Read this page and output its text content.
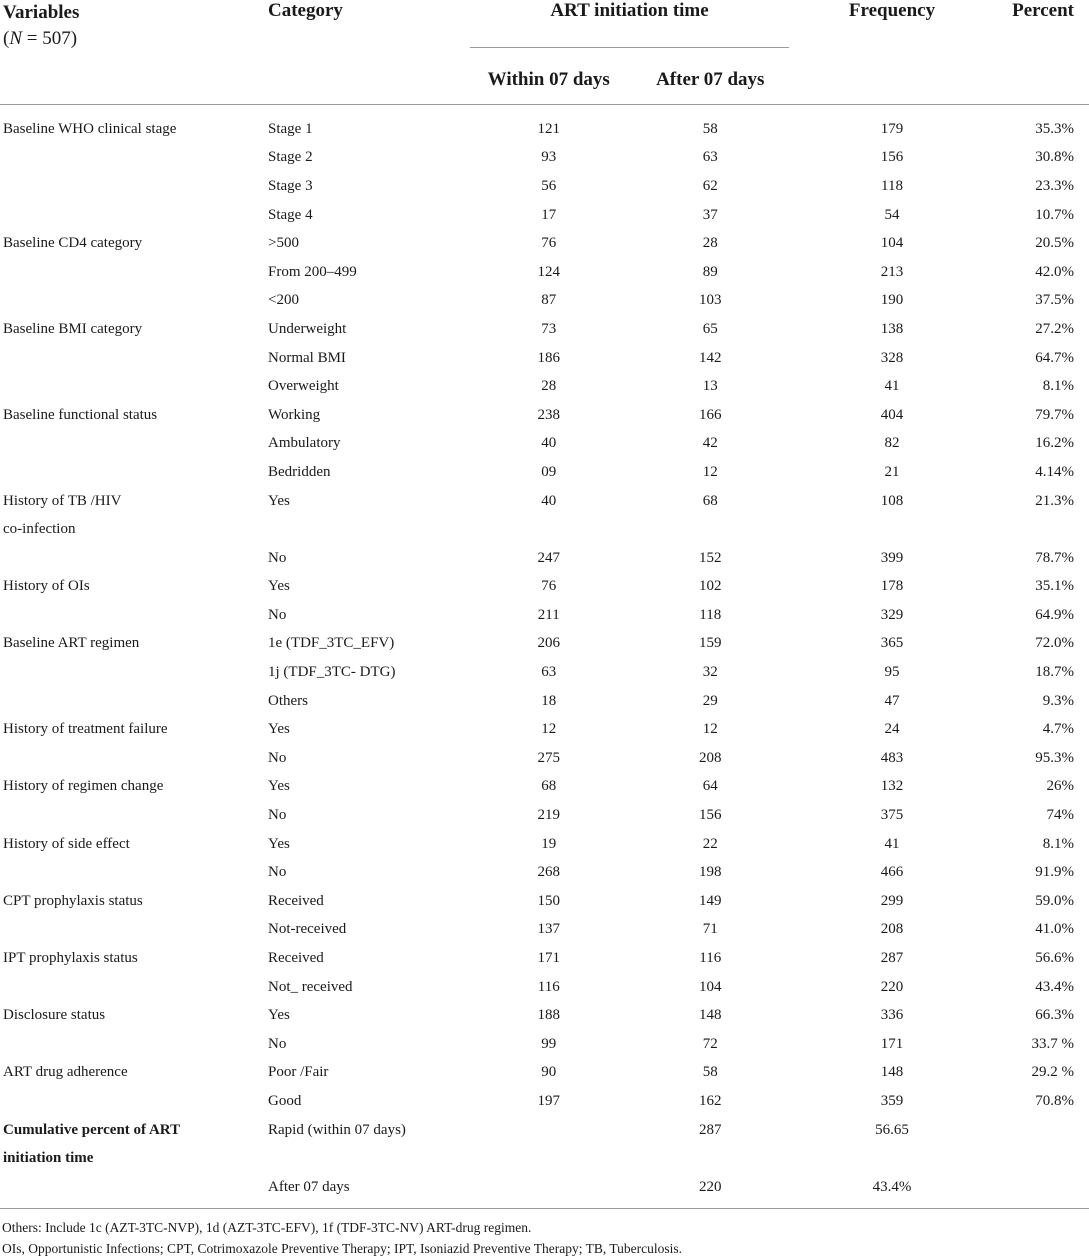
Variables
(N = 507)	Category	ART initiation time		Frequency	Percent
		Within 07 days	After 07 days		

Baseline WHO clinical stage	Stage 1	121	58	179	35.3%
	Stage 2	93	63	156	30.8%
	Stage 3	56	62	118	23.3%
	Stage 4	17	37	54	10.7%
Baseline CD4 category	>500	76	28	104	20.5%
	From 200–499	124	89	213	42.0%
	<200	87	103	190	37.5%
Baseline BMI category	Underweight	73	65	138	27.2%
	Normal BMI	186	142	328	64.7%
	Overweight	28	13	41	8.1%
Baseline functional status	Working	238	166	404	79.7%
	Ambulatory	40	42	82	16.2%
	Bedridden	09	12	21	4.14%
History of TB /HIV	Yes	40	68	108	21.3%
co-infection					
	No	247	152	399	78.7%
History of OIs	Yes	76	102	178	35.1%
	No	211	118	329	64.9%
Baseline ART regimen	1e (TDF_3TC_EFV)	206	159	365	72.0%
	1j (TDF_3TC- DTG)	63	32	95	18.7%
	Others	18	29	47	9.3%
History of treatment failure	Yes	12	12	24	4.7%
	No	275	208	483	95.3%
History of regimen change	Yes	68	64	132	26%
	No	219	156	375	74%
History of side effect	Yes	19	22	41	8.1%
	No	268	198	466	91.9%
CPT prophylaxis status	Received	150	149	299	59.0%
	Not-received	137	71	208	41.0%
IPT prophylaxis status	Received	171	116	287	56.6%
	Not_ received	116	104	220	43.4%
Disclosure status	Yes	188	148	336	66.3%
	No	99	72	171	33.7 %
ART drug adherence	Poor /Fair	90	58	148	29.2 %
	Good	197	162	359	70.8%
Cumulative percent of ART	Rapid (within 07 days)		287	56.65	
initiation time					
	After 07 days		220	43.4%	
Others: Include 1c (AZT-3TC-NVP), 1d (AZT-3TC-EFV), 1f (TDF-3TC-NV) ART-drug regimen.
OIs, Opportunistic Infections; CPT, Cotrimoxazole Preventive Therapy; IPT, Isoniazid Preventive Therapy; TB, Tuberculosis.
